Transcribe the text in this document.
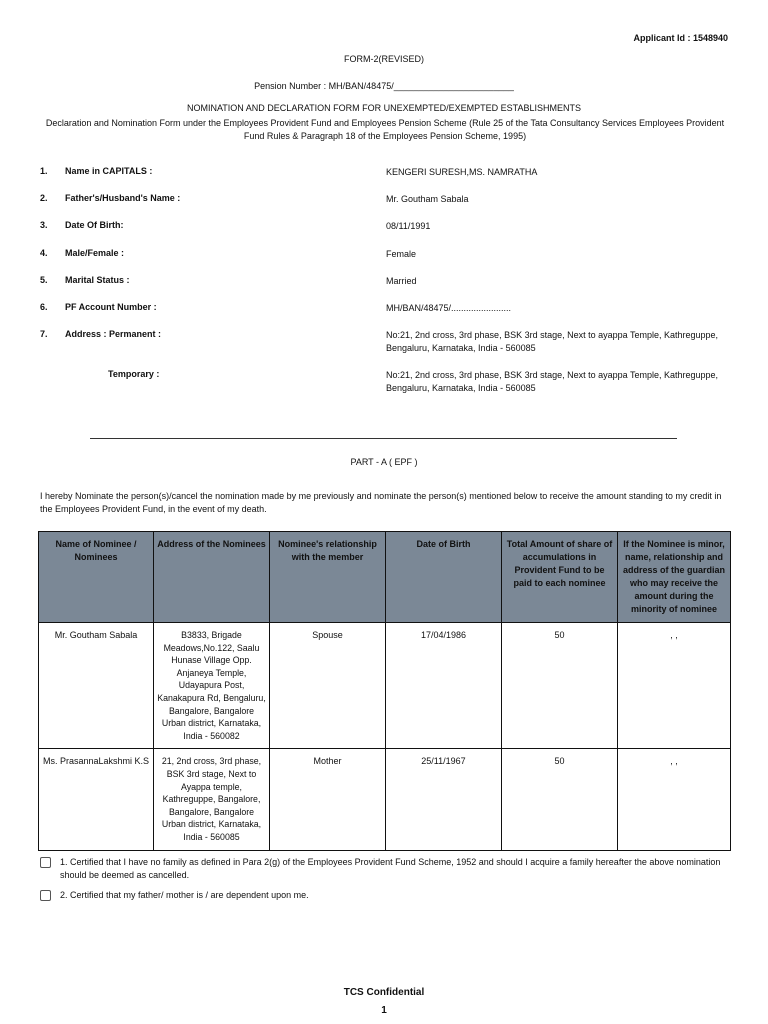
Applicant Id : 1548940
FORM-2(REVISED)
Pension Number : MH/BAN/48475/________________________
NOMINATION AND DECLARATION FORM FOR UNEXEMPTED/EXEMPTED ESTABLISHMENTS
Declaration and Nomination Form under the Employees Provident Fund and Employees Pension Scheme (Rule 25 of the Tata Consultancy Services Employees Provident Fund Rules & Paragraph 18 of the Employees Pension Scheme, 1995)
1. Name in CAPITALS :	KENGERI SURESH,MS. NAMRATHA
2. Father's/Husband's Name :	Mr. Goutham Sabala
3. Date Of Birth:	08/11/1991
4. Male/Female :	Female
5. Marital Status :	Married
6. PF Account Number :	MH/BAN/48475/........................
7. Address : Permanent :	No:21, 2nd cross, 3rd phase, BSK 3rd stage, Next to ayappa Temple, Kathreguppe, Bengaluru, Karnataka, India - 560085
Temporary :	No:21, 2nd cross, 3rd phase, BSK 3rd stage, Next to ayappa Temple, Kathreguppe, Bengaluru, Karnataka, India - 560085
PART - A ( EPF )
I hereby Nominate the person(s)/cancel the nomination made by me previously and nominate the person(s) mentioned below to receive the amount standing to my credit in the Employees Provident Fund, in the event of my death.
Name of Nominee / Nominees	Address of the Nominees	Nominee's relationship with the member	Date of Birth	Total Amount of share of accumulations in Provident Fund to be paid to each nominee	If the Nominee is minor, name, relationship and address of the guardian who may receive the amount during the minority of nominee
Mr. Goutham Sabala	B3833, Brigade Meadows,No.122, Saalu Hunase Village Opp. Anjaneya Temple, Udayapura Post, Kanakapura Rd, Bengaluru, Bangalore, Bangalore Urban district, Karnataka, India - 560082	Spouse	17/04/1986	50	, ,
Ms. PrasannaLakshmi K.S	21, 2nd cross, 3rd phase, BSK 3rd stage, Next to Ayappa temple, Kathreguppe, Bangalore, Bangalore, Bangalore Urban district, Karnataka, India - 560085	Mother	25/11/1967	50	, ,
1. Certified that I have no family as defined in Para 2(g) of the Employees Provident Fund Scheme, 1952 and should I acquire a family hereafter the above nomination should be deemed as cancelled.
2. Certified that my father/ mother is / are dependent upon me.
TCS Confidential
1
